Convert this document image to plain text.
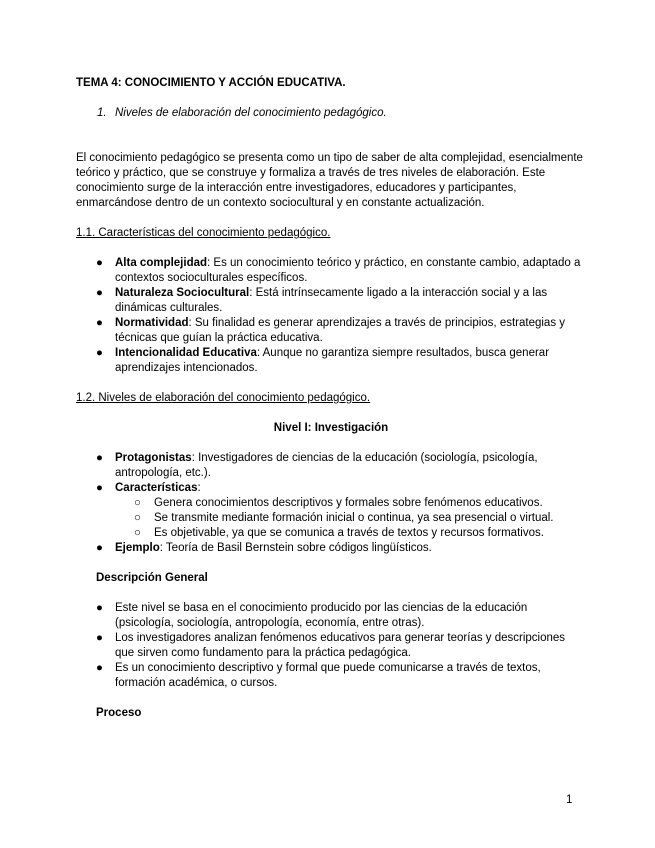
TEMA 4: CONOCIMIENTO Y ACCIÓN EDUCATIVA.

1. Niveles de elaboración del conocimiento pedagógico.

El conocimiento pedagógico se presenta como un tipo de saber de alta complejidad, esencialmente teórico y práctico, que se construye y formaliza a través de tres niveles de elaboración. Este conocimiento surge de la interacción entre investigadores, educadores y participantes, enmarcándose dentro de un contexto sociocultural y en constante actualización.

1.1. Características del conocimiento pedagógico.

● Alta complejidad: Es un conocimiento teórico y práctico, en constante cambio, adaptado a contextos socioculturales específicos.
● Naturaleza Sociocultural: Está intrínsecamente ligado a la interacción social y a las dinámicas culturales.
● Normatividad: Su finalidad es generar aprendizajes a través de principios, estrategias y técnicas que guían la práctica educativa.
● Intencionalidad Educativa: Aunque no garantiza siempre resultados, busca generar aprendizajes intencionados.

1.2. Niveles de elaboración del conocimiento pedagógico.

Nivel I: Investigación

● Protagonistas: Investigadores de ciencias de la educación (sociología, psicología, antropología, etc.).
● Características:
○ Genera conocimientos descriptivos y formales sobre fenómenos educativos.
○ Se transmite mediante formación inicial o continua, ya sea presencial o virtual.
○ Es objetivable, ya que se comunica a través de textos y recursos formativos.
● Ejemplo: Teoría de Basil Bernstein sobre códigos lingüísticos.

Descripción General

● Este nivel se basa en el conocimiento producido por las ciencias de la educación (psicología, sociología, antropología, economía, entre otras).
● Los investigadores analizan fenómenos educativos para generar teorías y descripciones que sirven como fundamento para la práctica pedagógica.
● Es un conocimiento descriptivo y formal que puede comunicarse a través de textos, formación académica, o cursos.

Proceso

1
